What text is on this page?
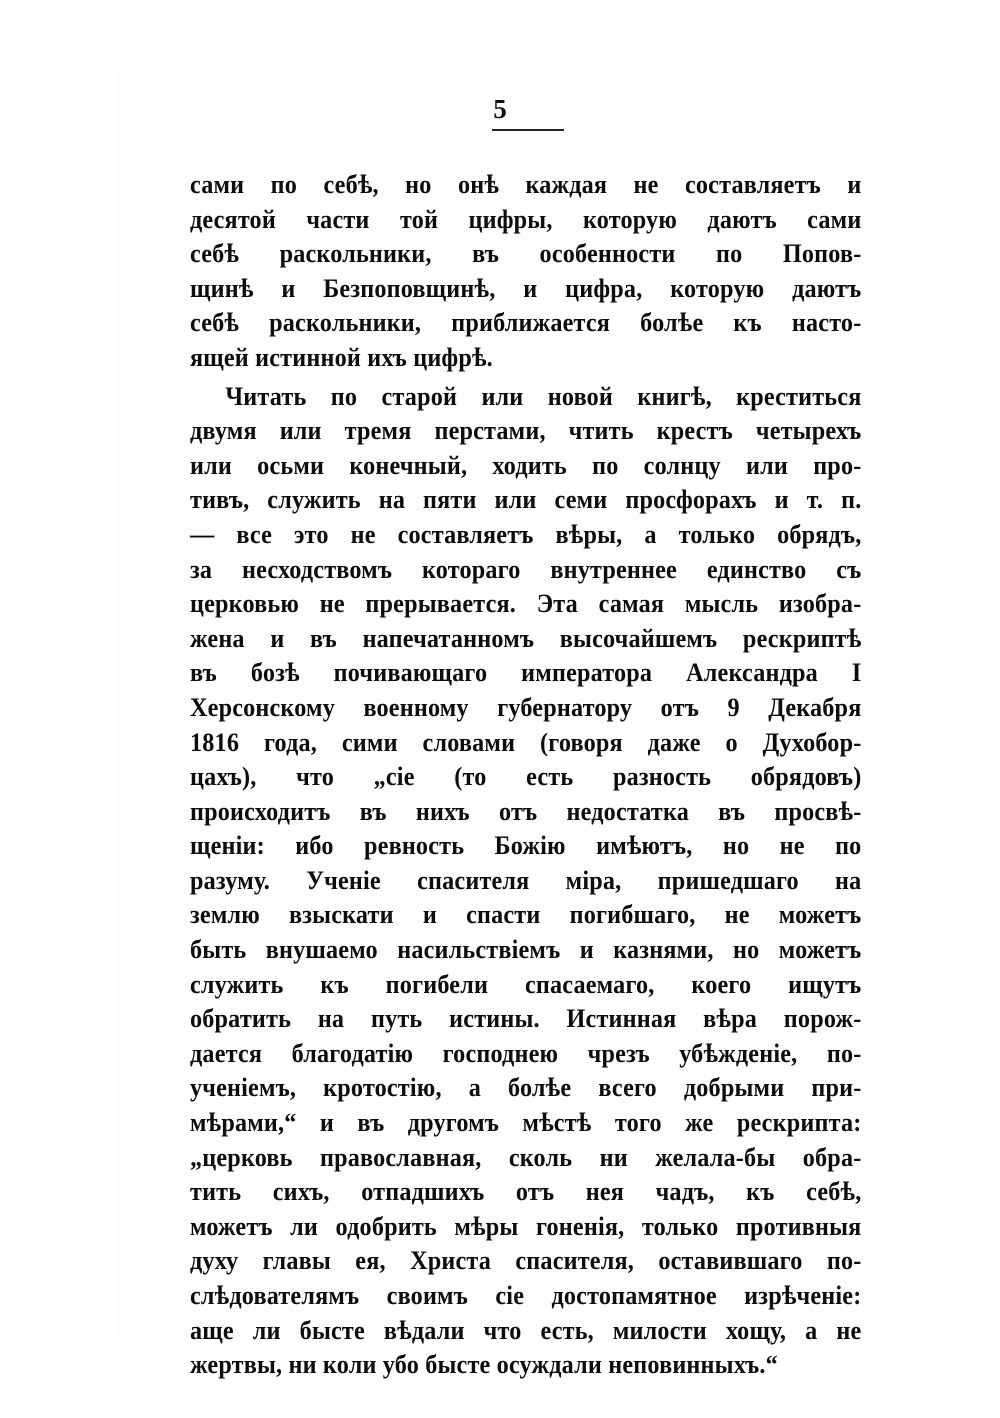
5
сами по себѣ, но онѣ каждая не составляетъ и
десятой части той цифры, которую даютъ сами
себѣ раскольники, въ особенности по Попов-
щинѣ и Безпоповщинѣ, и цифра, которую даютъ
себѣ раскольники, приближается болѣе къ насто-
ящей истинной ихъ цифрѣ.
Читать по старой или новой книгѣ, креститься
двумя или тремя перстами, чтить крестъ четырехъ
или осьми конечный, ходить по солнцу или про-
тивъ, служить на пяти или семи просфорахъ и т. п.
— все это не составляетъ вѣры, а только обрядъ,
за несходствомъ котораго внутреннее единство съ
церковью не прерывается. Эта самая мысль изобра-
жена и въ напечатанномъ высочайшемъ рескриптѣ
въ бозѣ почивающаго императора Александра I
Херсонскому военному губернатору отъ 9 Декабря
1816 года, сими словами (говоря даже о Духобор-
цахъ), что „сіе (то есть разность обрядовъ)
происходитъ въ нихъ отъ недостатка въ просвѣ-
щеніи: ибо ревность Божію имѣютъ, но не по
разуму. Ученіе спасителя міра, пришедшаго на
землю взыскати и спасти погибшаго, не можетъ
быть внушаемо насильствіемъ и казнями, но можетъ
служить къ погибели спасаемаго, коего ищутъ
обратить на путь истины. Истинная вѣра порож-
дается благодатію господнею чрезъ убѣжденіе, по-
ученіемъ, кротостію, а болѣе всего добрыми при-
мѣрами,“ и въ другомъ мѣстѣ того же рескрипта:
„церковь православная, сколь ни желала-бы обра-
тить сихъ, отпадшихъ отъ нея чадъ, къ себѣ,
можетъ ли одобрить мѣры гоненія, только противныя
духу главы ея, Христа спасителя, оставившаго по-
слѣдователямъ своимъ сіе достопамятное изрѣченіе:
аще ли бысте вѣдали что есть, милости хощу, а не
жертвы, ни коли убо бысте осуждали неповинныхъ.“
